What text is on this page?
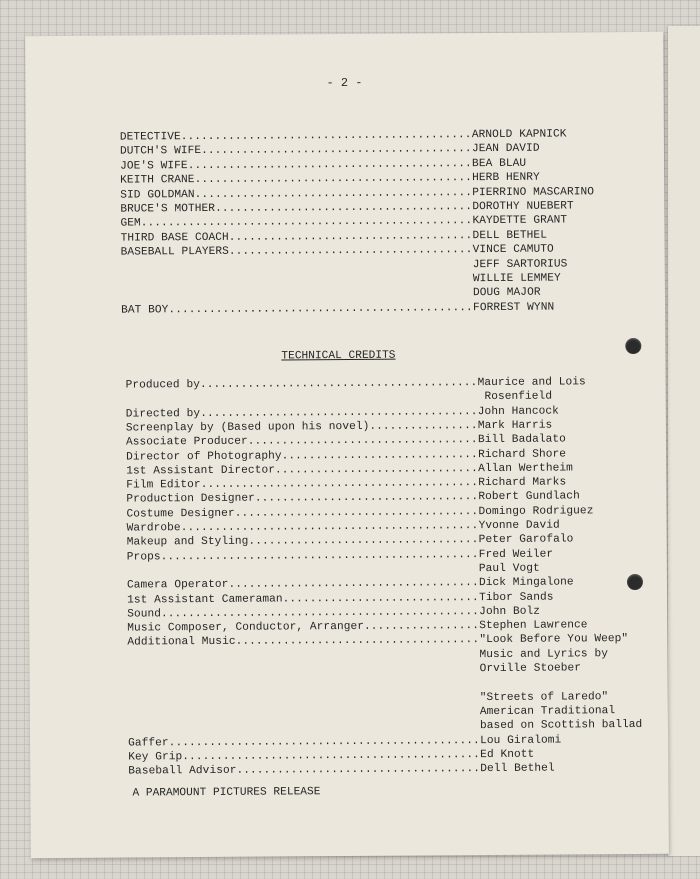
- 2 -
DETECTIVE........................................... ARNOLD KAPNICK
DUTCH'S WIFE........................................ JEAN DAVID
JOE'S WIFE.......................................... BEA BLAU
KEITH CRANE......................................... HERB HENRY
SID GOLDMAN......................................... PIERRINO MASCARINO
BRUCE'S MOTHER...................................... DOROTHY NUEBERT
GEM................................................. KAYDETTE GRANT
THIRD BASE COACH.................................... DELL BETHEL
BASEBALL PLAYERS.................................... VINCE CAMUTO
JEFF SARTORIUS
WILLIE LEMMEY
DOUG MAJOR
BAT BOY............................................. FORREST WYNN
TECHNICAL CREDITS
Produced by......................................... Maurice and Lois
Rosenfield
Directed by......................................... John Hancock
Screenplay by (Based upon his novel)................ Mark Harris
Associate Producer.................................. Bill Badalato
Director of Photography............................. Richard Shore
1st Assistant Director.............................. Allan Wertheim
Film Editor......................................... Richard Marks
Production Designer................................. Robert Gundlach
Costume Designer.................................... Domingo Rodriguez
Wardrobe............................................ Yvonne David
Makeup and Styling.................................. Peter Garofalo
Props............................................... Fred Weiler
Paul Vogt
Camera Operator..................................... Dick Mingalone
1st Assistant Cameraman............................. Tibor Sands
Sound............................................... John Bolz
Music Composer, Conductor, Arranger................. Stephen Lawrence
Additional Music.................................... "Look Before You Weep"
Music and Lyrics by
Orville Stoeber
"Streets of Laredo"
American Traditional
based on Scottish ballad
Gaffer.............................................. Lou Giralomi
Key Grip............................................ Ed Knott
Baseball Advisor.................................... Dell Bethel
A PARAMOUNT PICTURES RELEASE
